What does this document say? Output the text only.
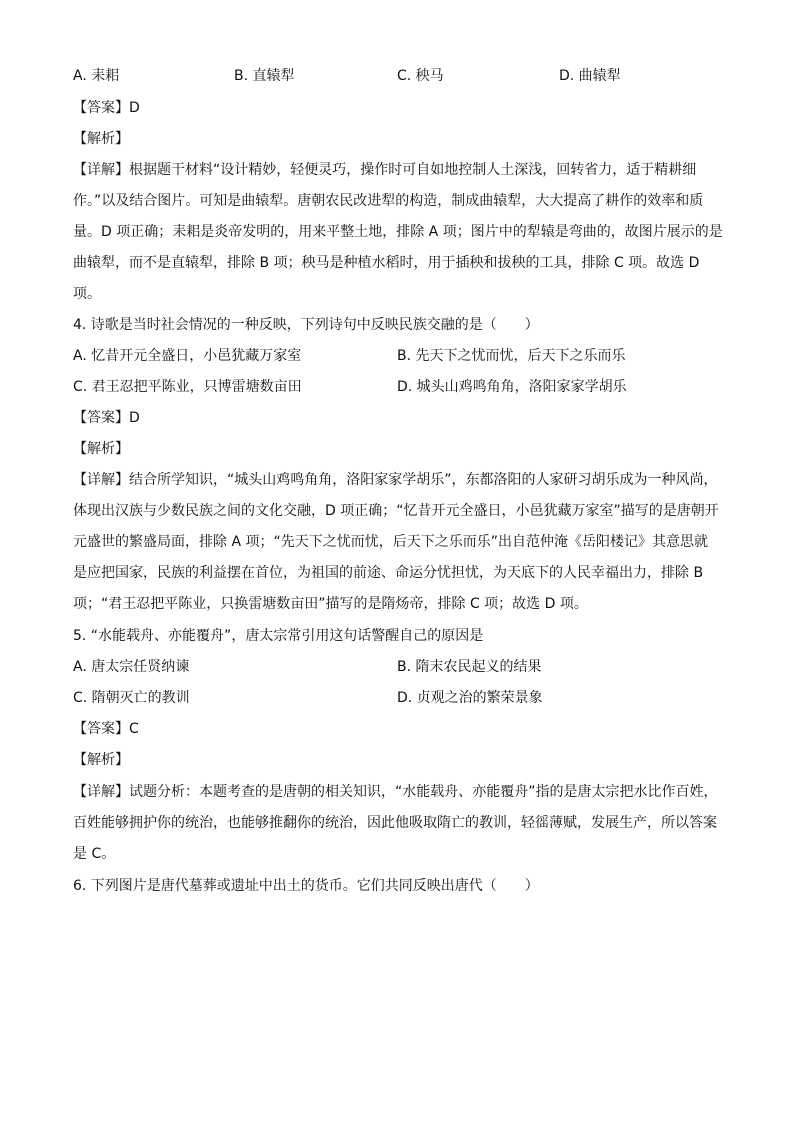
A. 耒耜	B. 直辕犁	C. 秧马	D. 曲辕犁
【答案】D
【解析】
【详解】根据题干材料“设计精妙，轻便灵巧，操作时可自如地控制人土深浅，回转省力，适于精耕细
作。”以及结合图片。可知是曲辕犁。唐朝农民改进犁的构造，制成曲辕犁，大大提高了耕作的效率和质
量。D 项正确；耒耜是炎帝发明的，用来平整土地，排除 A 项；图片中的犁辕是弯曲的，故图片展示的是
曲辕犁，而不是直辕犁，排除 B 项；秧马是种植水稻时，用于插秧和拔秧的工具，排除 C 项。故选 D
项。
4. 诗歌是当时社会情况的一种反映，下列诗句中反映民族交融的是（　　）
A. 忆昔开元全盛日，小邑犹藏万家室	B. 先天下之忧而忧，后天下之乐而乐
C. 君王忍把平陈业，只博雷塘数亩田	D. 城头山鸡鸣角角，洛阳家家学胡乐
【答案】D
【解析】
【详解】结合所学知识，“城头山鸡鸣角角，洛阳家家学胡乐”，东都洛阳的人家研习胡乐成为一种风尚，
体现出汉族与少数民族之间的文化交融，D 项正确；“忆昔开元全盛日，小邑犹藏万家室”描写的是唐朝开
元盛世的繁盛局面，排除 A 项；“先天下之忧而忧，后天下之乐而乐”出自范仲淹《岳阳楼记》其意思就
是应把国家，民族的利益摆在首位，为祖国的前途、命运分忧担忧，为天底下的人民幸福出力，排除 B
项；“君王忍把平陈业，只换雷塘数亩田”描写的是隋炀帝，排除 C 项；故选 D 项。
5. “水能载舟、亦能覆舟”，唐太宗常引用这句话警醒自己的原因是
A. 唐太宗任贤纳谏	B. 隋末农民起义的结果
C. 隋朝灭亡的教训	D. 贞观之治的繁荣景象
【答案】C
【解析】
【详解】试题分析：本题考查的是唐朝的相关知识，“水能载舟、亦能覆舟”指的是唐太宗把水比作百姓，
百姓能够拥护你的统治，也能够推翻你的统治，因此他吸取隋亡的教训，轻徭薄赋，发展生产，所以答案
是 C。
6. 下列图片是唐代墓葬或遗址中出土的货币。它们共同反映出唐代（　　）
